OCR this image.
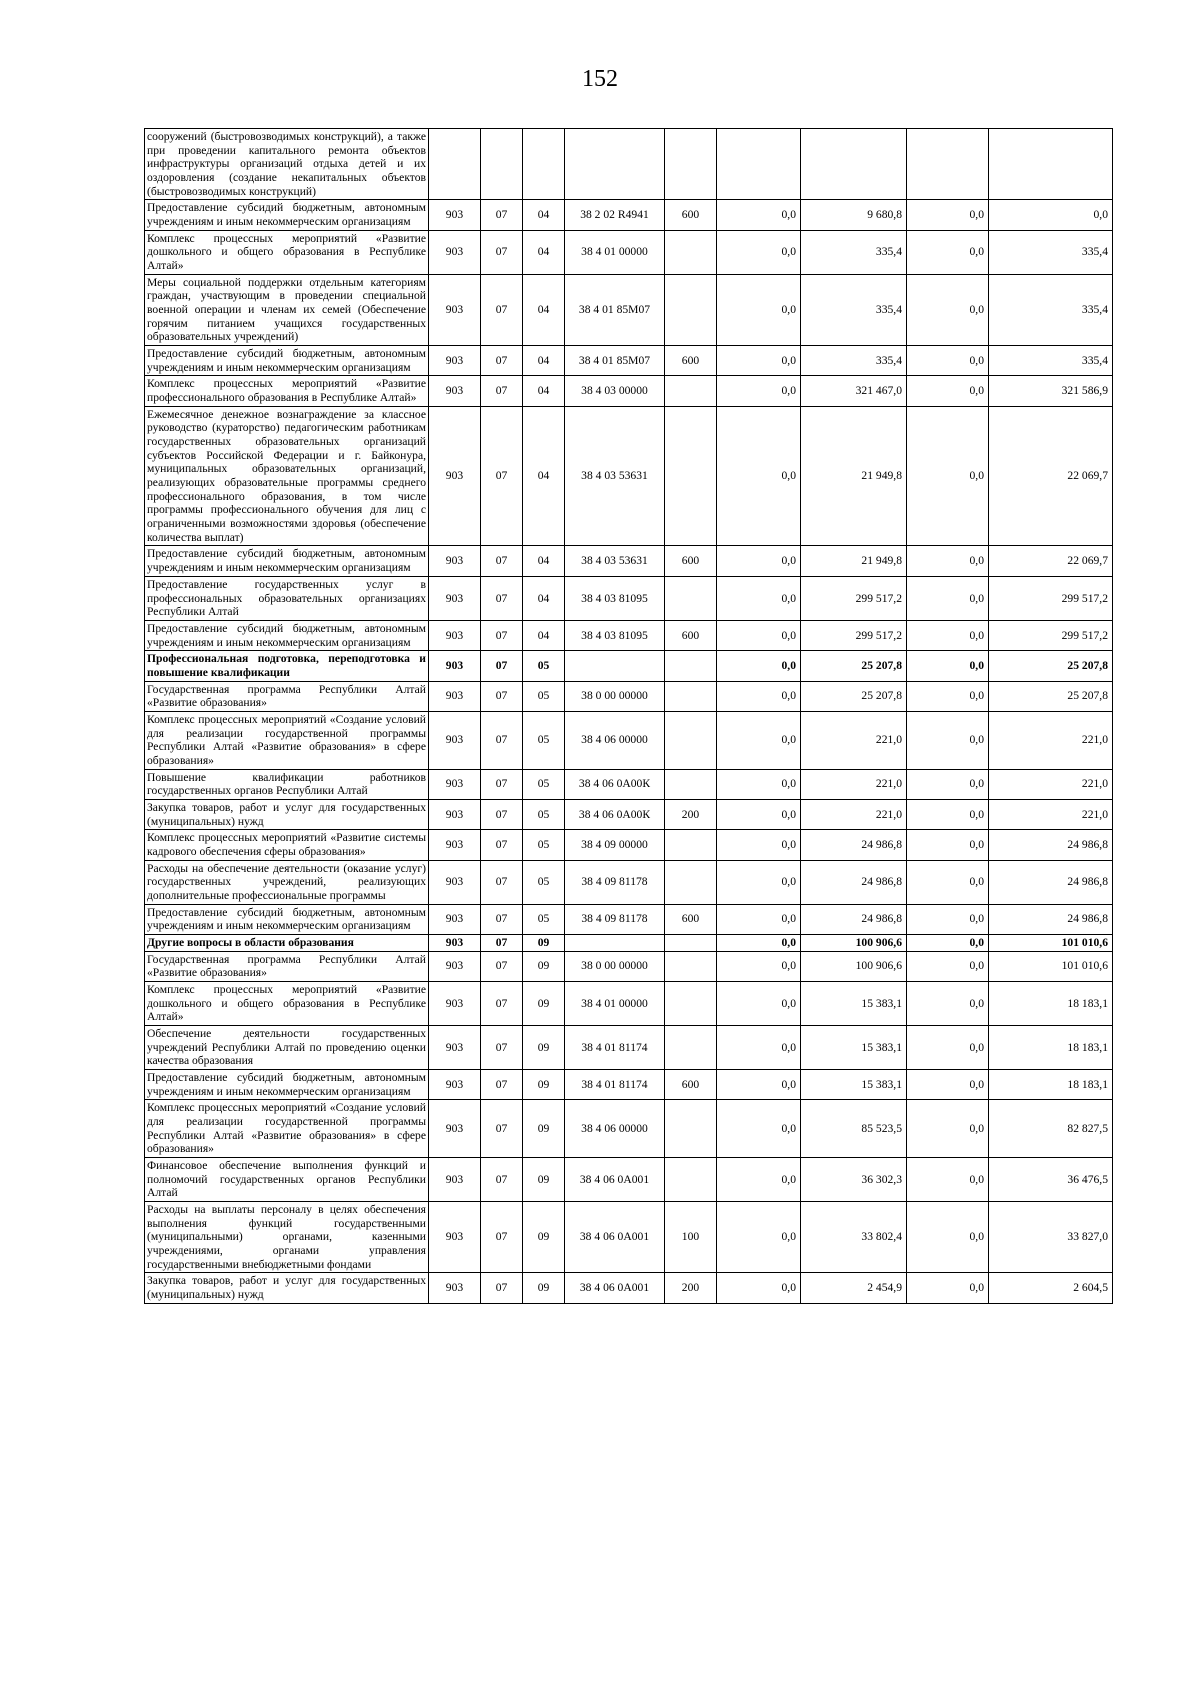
152
сооружений (быстровозводимых конструкций), а также при проведении капитального ремонта объектов инфраструктуры организаций отдыха детей и их оздоровления (создание некапитальных объектов (быстровозводимых конструкций)									
Предоставление субсидий бюджетным, автономным учреждениям и иным некоммерческим организациям	903	07	04	38 2 02 R4941	600	0,0	9 680,8	0,0	0,0
Комплекс процессных мероприятий «Развитие дошкольного и общего образования в Республике Алтай»	903	07	04	38 4 01 00000		0,0	335,4	0,0	335,4
Меры социальной поддержки отдельным категориям граждан, участвующим в проведении специальной военной операции и членам их семей (Обеспечение горячим питанием учащихся государственных образовательных учреждений)	903	07	04	38 4 01 85М07		0,0	335,4	0,0	335,4
Предоставление субсидий бюджетным, автономным учреждениям и иным некоммерческим организациям	903	07	04	38 4 01 85М07	600	0,0	335,4	0,0	335,4
Комплекс процессных мероприятий «Развитие профессионального образования в Республике Алтай»	903	07	04	38 4 03 00000		0,0	321 467,0	0,0	321 586,9
Ежемесячное денежное вознаграждение за классное руководство (кураторство) педагогическим работникам государственных образовательных организаций субъектов Российской Федерации и г. Байконура, муниципальных образовательных организаций, реализующих образовательные программы среднего профессионального образования, в том числе программы профессионального обучения для лиц с ограниченными возможностями здоровья (обеспечение количества выплат)	903	07	04	38 4 03 53631		0,0	21 949,8	0,0	22 069,7
Предоставление субсидий бюджетным, автономным учреждениям и иным некоммерческим организациям	903	07	04	38 4 03 53631	600	0,0	21 949,8	0,0	22 069,7
Предоставление государственных услуг в профессиональных образовательных организациях Республики Алтай	903	07	04	38 4 03 81095		0,0	299 517,2	0,0	299 517,2
Предоставление субсидий бюджетным, автономным учреждениям и иным некоммерческим организациям	903	07	04	38 4 03 81095	600	0,0	299 517,2	0,0	299 517,2
Профессиональная подготовка, переподготовка и повышение квалификации	903	07	05			0,0	25 207,8	0,0	25 207,8
Государственная программа Республики Алтай «Развитие образования»	903	07	05	38 0 00 00000		0,0	25 207,8	0,0	25 207,8
Комплекс процессных мероприятий «Создание условий для реализации государственной программы Республики Алтай «Развитие образования» в сфере образования»	903	07	05	38 4 06 00000		0,0	221,0	0,0	221,0
Повышение квалификации работников государственных органов Республики Алтай	903	07	05	38 4 06 0А00К		0,0	221,0	0,0	221,0
Закупка товаров, работ и услуг для государственных (муниципальных) нужд	903	07	05	38 4 06 0А00К	200	0,0	221,0	0,0	221,0
Комплекс процессных мероприятий «Развитие системы кадрового обеспечения сферы образования»	903	07	05	38 4 09 00000		0,0	24 986,8	0,0	24 986,8
Расходы на обеспечение деятельности (оказание услуг) государственных учреждений, реализующих дополнительные профессиональные программы	903	07	05	38 4 09 81178		0,0	24 986,8	0,0	24 986,8
Предоставление субсидий бюджетным, автономным учреждениям и иным некоммерческим организациям	903	07	05	38 4 09 81178	600	0,0	24 986,8	0,0	24 986,8
Другие вопросы в области образования	903	07	09			0,0	100 906,6	0,0	101 010,6
Государственная программа Республики Алтай «Развитие образования»	903	07	09	38 0 00 00000		0,0	100 906,6	0,0	101 010,6
Комплекс процессных мероприятий «Развитие дошкольного и общего образования в Республике Алтай»	903	07	09	38 4 01 00000		0,0	15 383,1	0,0	18 183,1
Обеспечение деятельности государственных учреждений Республики Алтай по проведению оценки качества образования	903	07	09	38 4 01 81174		0,0	15 383,1	0,0	18 183,1
Предоставление субсидий бюджетным, автономным учреждениям и иным некоммерческим организациям	903	07	09	38 4 01 81174	600	0,0	15 383,1	0,0	18 183,1
Комплекс процессных мероприятий «Создание условий для реализации государственной программы Республики Алтай «Развитие образования» в сфере образования»	903	07	09	38 4 06 00000		0,0	85 523,5	0,0	82 827,5
Финансовое обеспечение выполнения функций и полномочий государственных органов Республики Алтай	903	07	09	38 4 06 0А001		0,0	36 302,3	0,0	36 476,5
Расходы на выплаты персоналу в целях обеспечения выполнения функций государственными (муниципальными) органами, казенными учреждениями, органами управления государственными внебюджетными фондами	903	07	09	38 4 06 0А001	100	0,0	33 802,4	0,0	33 827,0
Закупка товаров, работ и услуг для государственных (муниципальных) нужд	903	07	09	38 4 06 0А001	200	0,0	2 454,9	0,0	2 604,5
